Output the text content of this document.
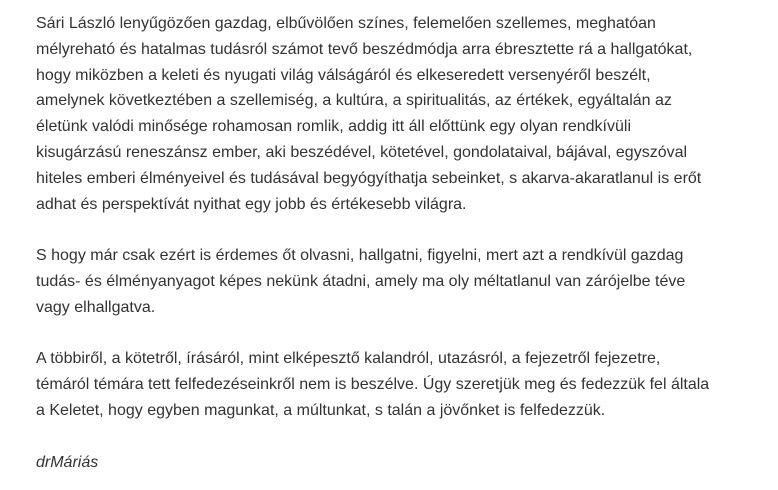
Sári László lenyűgözően gazdag, elbűvölően színes, felemelően szellemes, meghatóan
mélyreható és hatalmas tudásról számot tevő beszédmódja arra ébresztette rá a hallgatókat,
hogy miközben a keleti és nyugati világ válságáról és elkeseredett versenyéről beszélt,
amelynek következtében a szellemiség, a kultúra, a spiritualitás, az értékek, egyáltalán az
életünk valódi minősége rohamosan romlik, addig itt áll előttünk egy olyan rendkívüli
kisugárzású reneszánsz ember, aki beszédével, kötetével, gondolataival, bájával, egyszóval
hiteles emberi élményeivel és tudásával begyógyíthatja sebeinket, s akarva-akaratlanul is erőt
adhat és perspektívát nyithat egy jobb és értékesebb világra.

S hogy már csak ezért is érdemes őt olvasni, hallgatni, figyelni, mert azt a rendkívül gazdag
tudás- és élményanyagot képes nekünk átadni, amely ma oly méltatlanul van zárójelbe téve
vagy elhallgatva.

A többiről, a kötetről, írásáról, mint elképesztő kalandról, utazásról, a fejezetről fejezetre,
témáról témára tett felfedezéseinkről nem is beszélve. Úgy szeretjük meg és fedezzük fel általa
a Keletet, hogy egyben magunkat, a múltunkat, s talán a jövőnket is felfedezzük.

drMáriás
